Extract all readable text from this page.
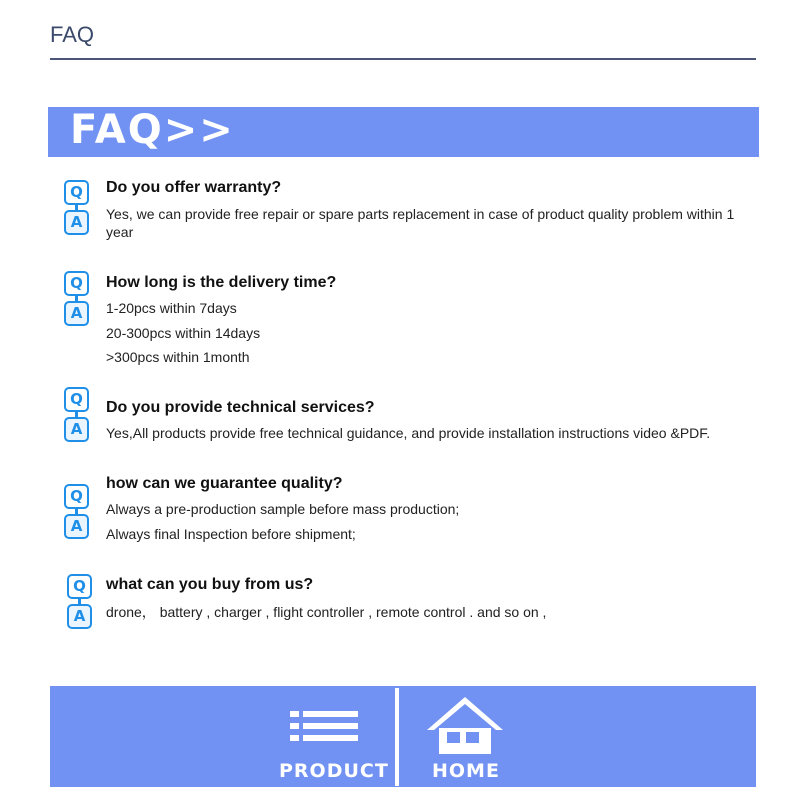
FAQ
FAQ>>
Q
A
Do you offer warranty?
Yes, we can provide free repair or spare parts replacement in case of product quality problem within 1
year
Q
A
How long is the delivery time?
1-20pcs within 7days
20-300pcs within 14days
>300pcs within 1month
Q
A
Do you provide technical services?
Yes,All products provide free technical guidance, and provide installation instructions video &PDF.
Q
A
how can we guarantee quality?
Always a pre-production sample before mass production;
Always final Inspection before shipment;
Q
A
what can you buy from us?
drone， battery , charger , flight controller , remote control . and so on ,
PRODUCT HOME
